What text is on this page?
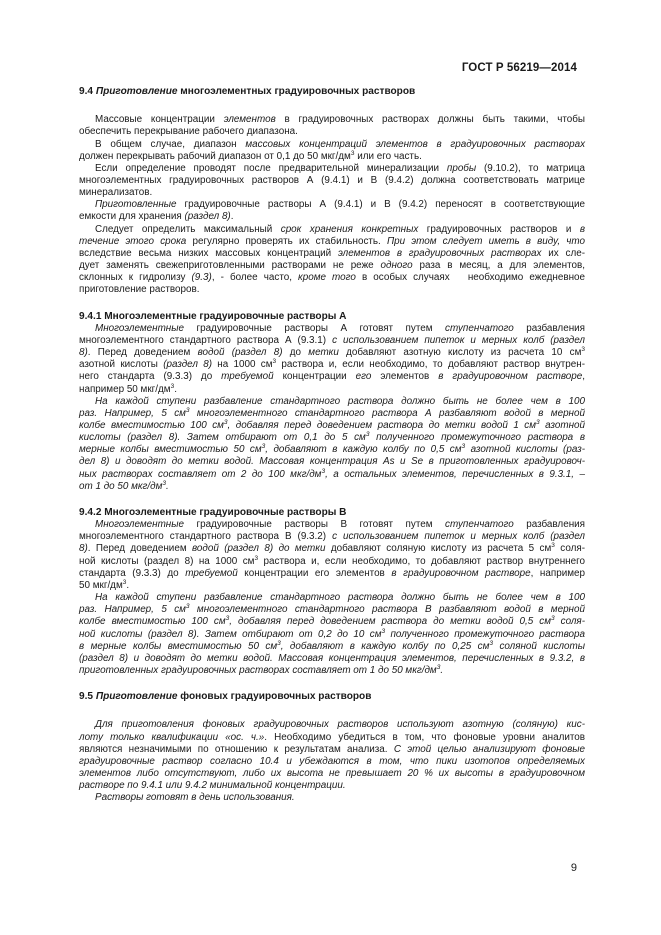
ГОСТ Р 56219—2014
9.4 Приготовление многоэлементных градуировочных растворов
Массовые концентрации элементов в градуировочных растворах должны быть такими, чтобы
обеспечить перекрывание рабочего диапазона.
В общем случае, диапазон массовых концентраций элементов в градуировочных растворах
должен перекрывать рабочий диапазон от 0,1 до 50 мкг/$дм^3$ или его часть.
Если определение проводят после предварительной минерализации пробы (9.10.2), то матрица
многоэлементных градуировочных растворов А (9.4.1) и В (9.4.2) должна соответствовать матрице
минерализатов.
Приготовленные градуировочные растворы А (9.4.1) и В (9.4.2) переносят в соответствующие
емкости для хранения (раздел 8).
Следует определить максимальный срок хранения конкретных градуировочных растворов и в
течение этого срока регулярно проверять их стабильность. При этом следует иметь в виду, что
вследствие весьма низких массовых концентраций элементов в градуировочных растворах их сле-
дует заменять свежеприготовленными растворами не реже одного раза в месяц, а для элементов,
склонных к гидролизу (9.3), - более часто, кроме того в особых случаях   необходимо ежедневное
приготовление растворов.
9.4.1 Многоэлементные градуировочные растворы А
Многоэлементные градуировочные растворы А готовят путем ступенчатого разбавления
многоэлементного стандартного раствора А (9.3.1) с использованием пипеток и мерных колб (раздел
8). Перед доведением водой (раздел 8) до метки добавляют азотную кислоту из расчета 10 $см^3$
азотной кислоты (раздел 8) на 1000 $см^3$ раствора и, если необходимо, то добавляют раствор внутрен-
него стандарта (9.3.3) до требуемой концентрации его элементов в градуировочном растворе,
например 50 мкг/$дм^3$.
На каждой ступени разбавление стандартного раствора должно быть не более чем в 100
раз. Например, 5 $см^3$ многоэлементного стандартного раствора А разбавляют водой в мерной
колбе вместимостью 100 $см^3$, добавляя перед доведением раствора до метки водой 1 $см^3$ азотной
кислоты (раздел 8). Затем отбирают от 0,1 до 5 $см^3$ полученного промежуточного раствора в
мерные колбы вместимостью 50 $см^3$, добавляют в каждую колбу по 0,5 $см^3$ азотной кислоты (раз-
дел 8) и доводят до метки водой. Массовая концентрация As и Se в приготовленных градуировоч-
ных растворах составляет от 2 до 100 мкг/$дм^3$, а остальных элементов, перечисленных в 9.3.1, –
от 1 до 50 мкг/$дм^3$.
9.4.2 Многоэлементные градуировочные растворы В
Многоэлементные градуировочные растворы В готовят путем ступенчатого разбавления
многоэлементного стандартного раствора В (9.3.2) с использованием пипеток и мерных колб (раздел
8). Перед доведением водой (раздел 8) до метки добавляют соляную кислоту из расчета 5 $см^3$ соля-
ной кислоты (раздел 8) на 1000 $см^3$ раствора и, если необходимо, то добавляют раствор внутреннего
стандарта (9.3.3) до требуемой концентрации его элементов в градуировочном растворе, например
50 мкг/$дм^3$.
На каждой ступени разбавление стандартного раствора должно быть не более чем в 100
раз. Например, 5 $см^3$ многоэлементного стандартного раствора В разбавляют водой в мерной
колбе вместимостью 100 $см^3$, добавляя перед доведением раствора до метки водой 0,5 $см^3$ соля-
ной кислоты (раздел 8). Затем отбирают от 0,2 до 10 $см^3$ полученного промежуточного раствора
в мерные колбы вместимостью 50 $см^3$, добавляют в каждую колбу по 0,25 $см^3$ соляной кислоты
(раздел 8) и доводят до метки водой. Массовая концентрация элементов, перечисленных в 9.3.2, в
приготовленных градуировочных растворах составляет от 1 до 50 мкг/$дм^3$.
9.5 Приготовление фоновых градуировочных растворов
Для приготовления фоновых градуировочных растворов используют азотную (соляную) кис-
лоту только квалификации «ос. ч.». Необходимо убедиться в том, что фоновые уровни аналитов
являются незначимыми по отношению к результатам анализа. С этой целью анализируют фоновые
градуировочные раствор согласно 10.4 и убеждаются в том, что пики изотопов определяемых
элементов либо отсутствуют, либо их высота не превышает 20 % их высоты в градуировочном
растворе по 9.4.1 или 9.4.2 минимальной концентрации.
Растворы готовят в день использования.
9
